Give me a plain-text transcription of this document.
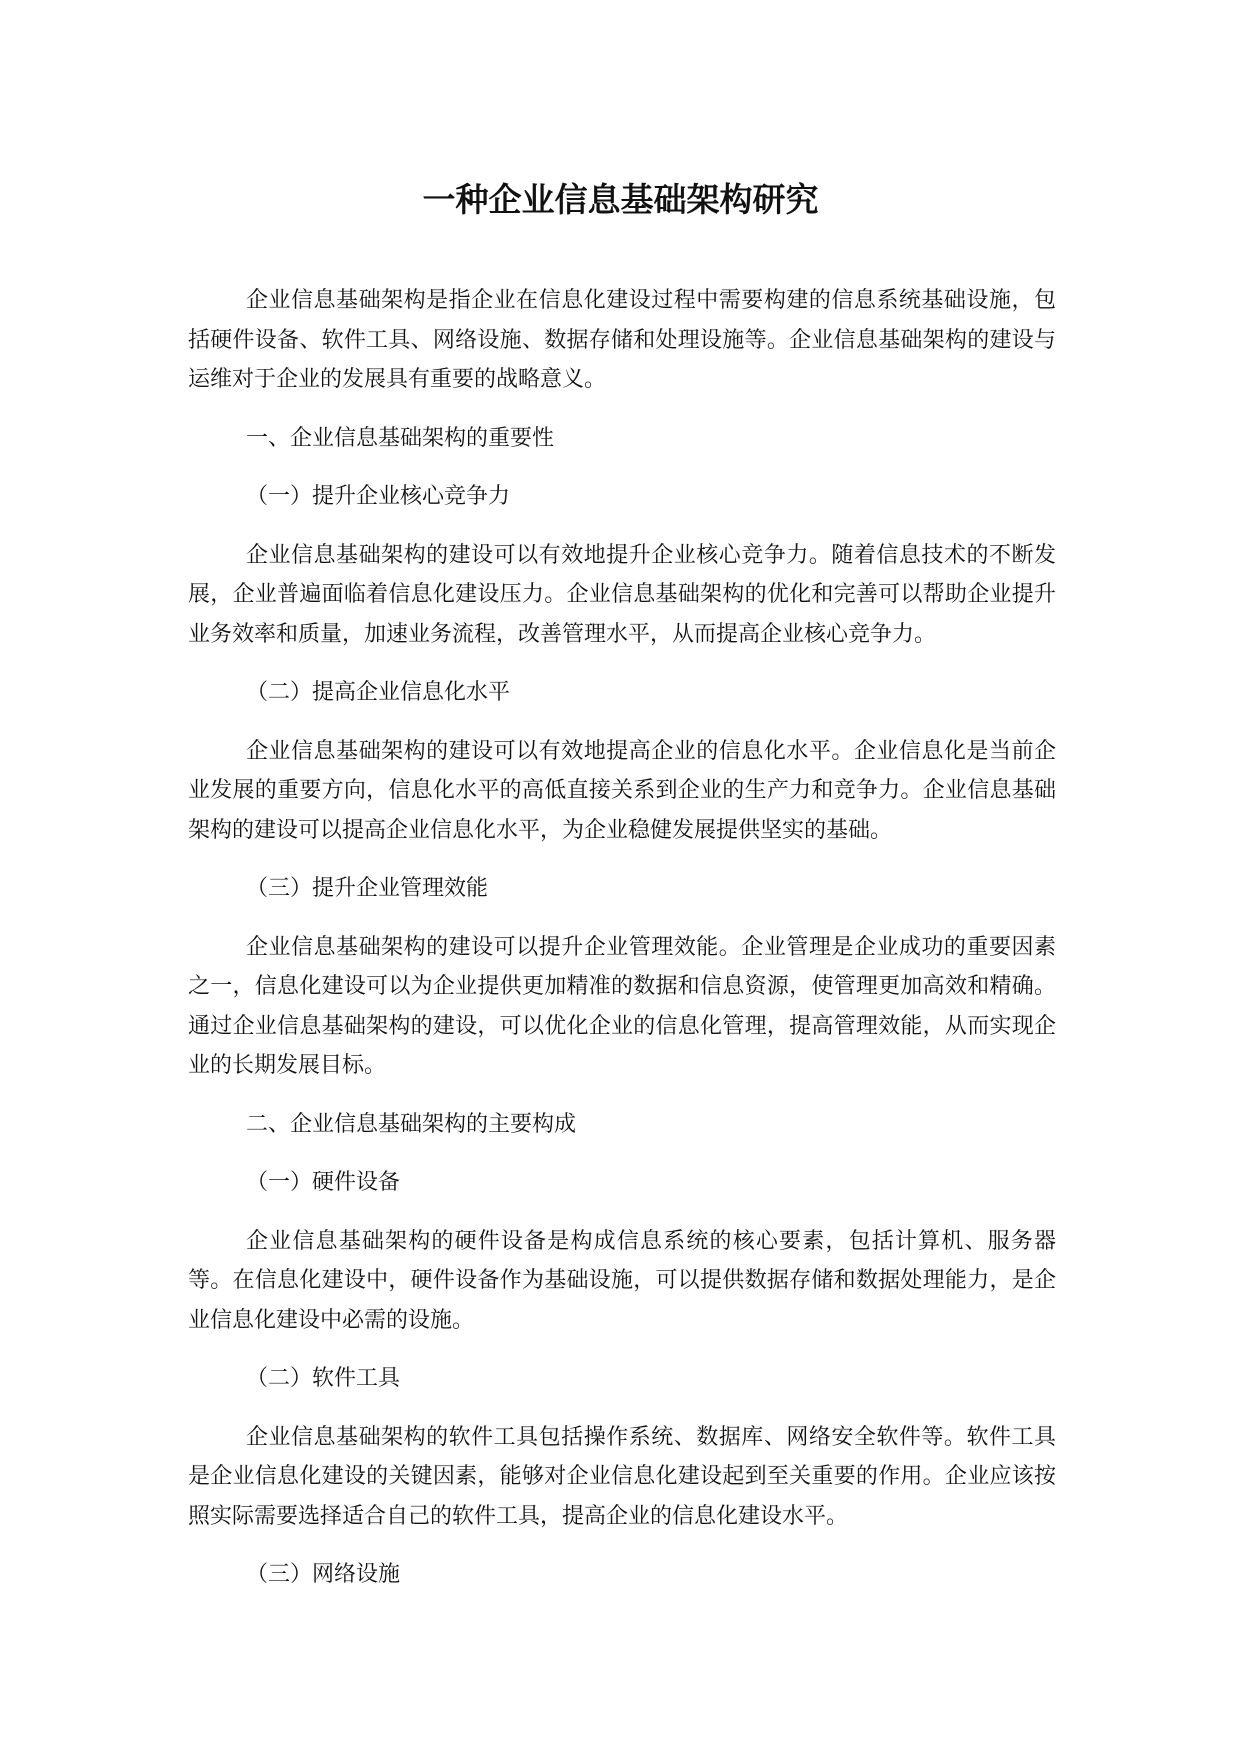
一种企业信息基础架构研究

企业信息基础架构是指企业在信息化建设过程中需要构建的信息系统基础设施，包括硬件设备、软件工具、网络设施、数据存储和处理设施等。企业信息基础架构的建设与运维对于企业的发展具有重要的战略意义。

一、企业信息基础架构的重要性

（一）提升企业核心竞争力

企业信息基础架构的建设可以有效地提升企业核心竞争力。随着信息技术的不断发展，企业普遍面临着信息化建设压力。企业信息基础架构的优化和完善可以帮助企业提升业务效率和质量，加速业务流程，改善管理水平，从而提高企业核心竞争力。

（二）提高企业信息化水平

企业信息基础架构的建设可以有效地提高企业的信息化水平。企业信息化是当前企业发展的重要方向，信息化水平的高低直接关系到企业的生产力和竞争力。企业信息基础架构的建设可以提高企业信息化水平，为企业稳健发展提供坚实的基础。

（三）提升企业管理效能

企业信息基础架构的建设可以提升企业管理效能。企业管理是企业成功的重要因素之一，信息化建设可以为企业提供更加精准的数据和信息资源，使管理更加高效和精确。通过企业信息基础架构的建设，可以优化企业的信息化管理，提高管理效能，从而实现企业的长期发展目标。

二、企业信息基础架构的主要构成

（一）硬件设备

企业信息基础架构的硬件设备是构成信息系统的核心要素，包括计算机、服务器等。在信息化建设中，硬件设备作为基础设施，可以提供数据存储和数据处理能力，是企业信息化建设中必需的设施。

（二）软件工具

企业信息基础架构的软件工具包括操作系统、数据库、网络安全软件等。软件工具是企业信息化建设的关键因素，能够对企业信息化建设起到至关重要的作用。企业应该按照实际需要选择适合自己的软件工具，提高企业的信息化建设水平。

（三）网络设施
